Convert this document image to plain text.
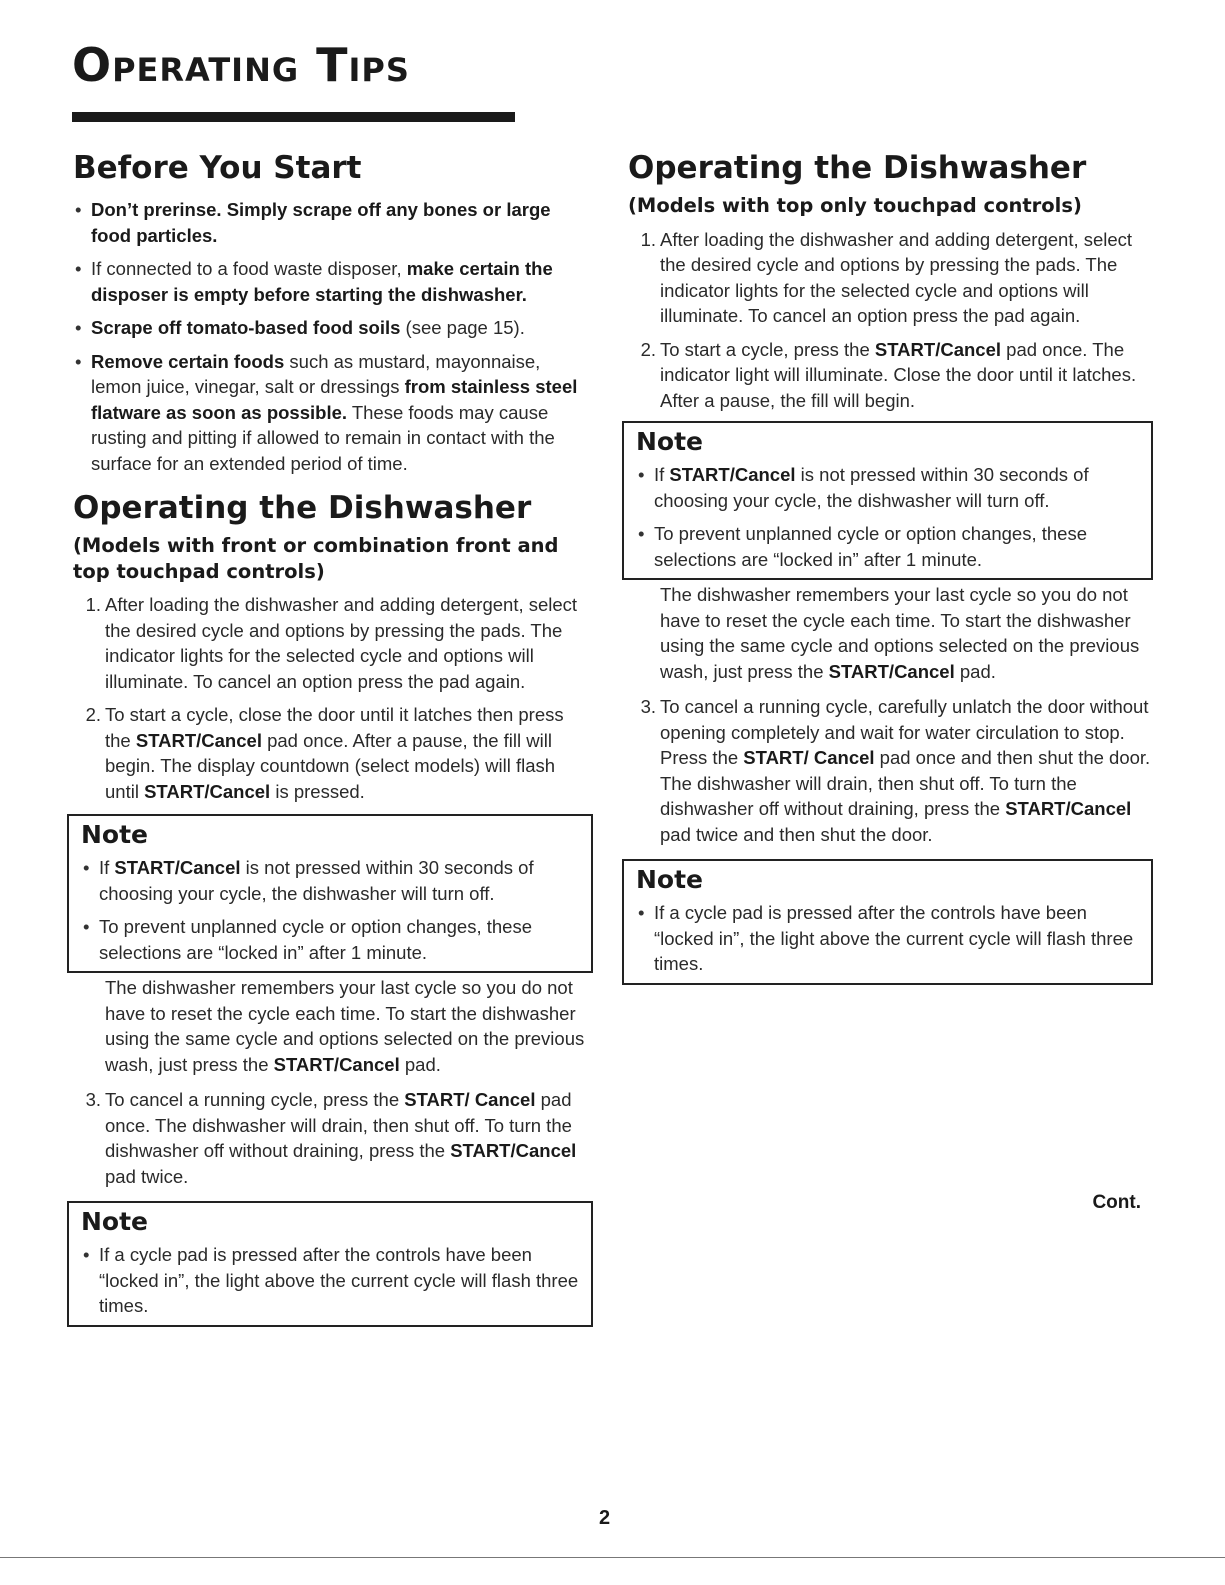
Operating Tips
Before You Start
• Don’t prerinse. Simply scrape off any bones or large food particles.
• If connected to a food waste disposer, make certain the disposer is empty before starting the dishwasher.
• Scrape off tomato-based food soils (see page 15).
• Remove certain foods such as mustard, mayonnaise, lemon juice, vinegar, salt or dressings from stainless steel flatware as soon as possible. These foods may cause rusting and pitting if allowed to remain in contact with the surface for an extended period of time.
Operating the Dishwasher
(Models with front or combination front and top touchpad controls)
1. After loading the dishwasher and adding detergent, select the desired cycle and options by pressing the pads. The indicator lights for the selected cycle and options will illuminate. To cancel an option press the pad again.
2. To start a cycle, close the door until it latches then press the START/Cancel pad once. After a pause, the fill will begin. The display countdown (select models) will flash until START/Cancel is pressed.
Note
• If START/Cancel is not pressed within 30 seconds of choosing your cycle, the dishwasher will turn off.
• To prevent unplanned cycle or option changes, these selections are “locked in” after 1 minute.

The dishwasher remembers your last cycle so you do not have to reset the cycle each time. To start the dishwasher using the same cycle and options selected on the previous wash, just press the START/Cancel pad.

3. To cancel a running cycle, press the START/ Cancel pad once. The dishwasher will drain, then shut off. To turn the dishwasher off without draining, press the START/Cancel pad twice.
Note
• If a cycle pad is pressed after the controls have been “locked in”, the light above the current cycle will flash three times.
Operating the Dishwasher
(Models with top only touchpad controls)
1. After loading the dishwasher and adding detergent, select the desired cycle and options by pressing the pads. The indicator lights for the selected cycle and options will illuminate. To cancel an option press the pad again.
2. To start a cycle, press the START/Cancel pad once. The indicator light will illuminate. Close the door until it latches. After a pause, the fill will begin.
Note
• If START/Cancel is not pressed within 30 seconds of choosing your cycle, the dishwasher will turn off.
• To prevent unplanned cycle or option changes, these selections are “locked in” after 1 minute.

The dishwasher remembers your last cycle so you do not have to reset the cycle each time. To start the dishwasher using the same cycle and options selected on the previous wash, just press the START/Cancel pad.

3. To cancel a running cycle, carefully unlatch the door without opening completely and wait for water circulation to stop. Press the START/ Cancel pad once and then shut the door. The dishwasher will drain, then shut off. To turn the dishwasher off without draining, press the START/Cancel pad twice and then shut the door.
Note
• If a cycle pad is pressed after the controls have been “locked in”, the light above the current cycle will flash three times.
Cont.
2
